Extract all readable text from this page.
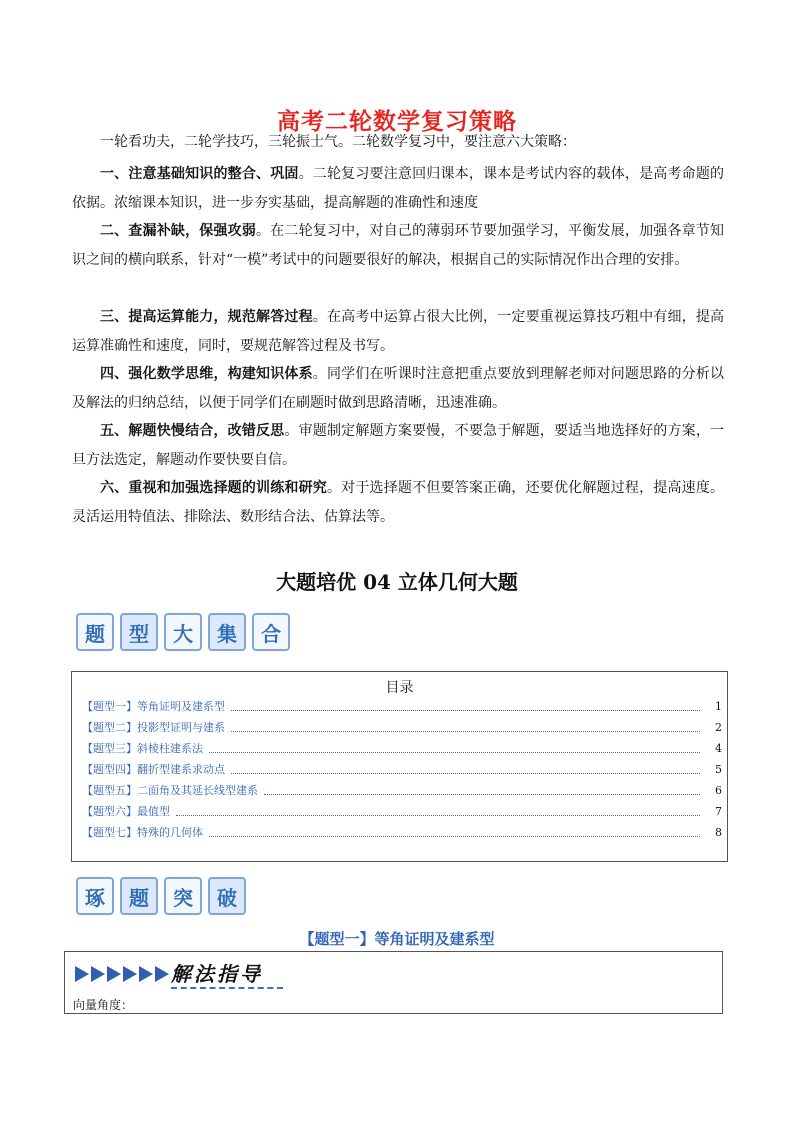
高考二轮数学复习策略
一轮看功夫，二轮学技巧，三轮振士气。二轮数学复习中，要注意六大策略：
一、注意基础知识的整合、巩固。二轮复习要注意回归课本，课本是考试内容的载体，是高考命题的依据。浓缩课本知识，进一步夯实基础，提高解题的准确性和速度
二、查漏补缺，保强攻弱。在二轮复习中，对自己的薄弱环节要加强学习，平衡发展，加强各章节知识之间的横向联系，针对“一模”考试中的问题要很好的解决，根据自己的实际情况作出合理的安排。
三、提高运算能力，规范解答过程。在高考中运算占很大比例，一定要重视运算技巧粗中有细，提高运算准确性和速度，同时，要规范解答过程及书写。
四、强化数学思维，构建知识体系。同学们在听课时注意把重点要放到理解老师对问题思路的分析以及解法的归纳总结，以便于同学们在刷题时做到思路清晰，迅速准确。
五、解题快慢结合，改错反思。审题制定解题方案要慢，不要急于解题，要适当地选择好的方案，一旦方法选定，解题动作要快要自信。
六、重视和加强选择题的训练和研究。对于选择题不但要答案正确，还要优化解题过程，提高速度。灵活运用特值法、排除法、数形结合法、估算法等。
大题培优 04 立体几何大题
题	型	大	集	合
目录
【题型一】等角证明及建系型	1
【题型二】投影型证明与建系	2
【题型三】斜棱柱建系法	4
【题型四】翻折型建系求动点	5
【题型五】二面角及其延长线型建系	6
【题型六】最值型	7
【题型七】特殊的几何体	8
琢	题	突	破
【题型一】等角证明及建系型
解法指导
向量角度：
